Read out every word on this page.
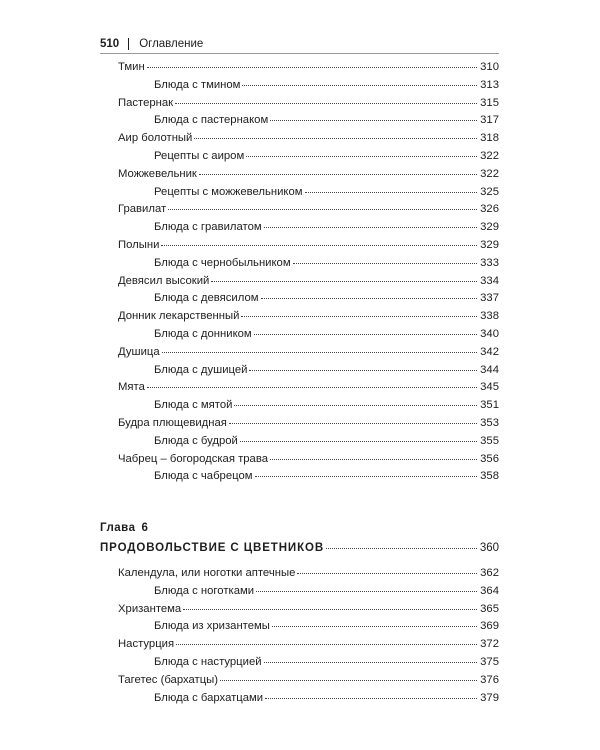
510 Оглавление
Тмин	310
Блюда с тмином	313
Пастернак	315
Блюда с пастернаком	317
Аир болотный	318
Рецепты с аиром	322
Можжевельник	322
Рецепты с можжевельником	325
Гравилат	326
Блюда с гравилатом	329
Полыни	329
Блюда с чернобыльником	333
Девясил высокий	334
Блюда с девясилом	337
Донник лекарственный	338
Блюда с донником	340
Душица	342
Блюда с душицей	344
Мята	345
Блюда с мятой	351
Будра плющевидная	353
Блюда с будрой	355
Чабрец – богородская трава	356
Блюда с чабрецом	358
ПРОДОВОЛЬСТВИЕ С ЦВЕТНИКОВ	360
Календула, или ноготки аптечные	362
Блюда с ноготками	364
Хризантема	365
Блюда из хризантемы	369
Настурция	372
Блюда с настурцией	375
Тагетес (бархатцы)	376
Блюда с бархатцами	379
Глава 6
